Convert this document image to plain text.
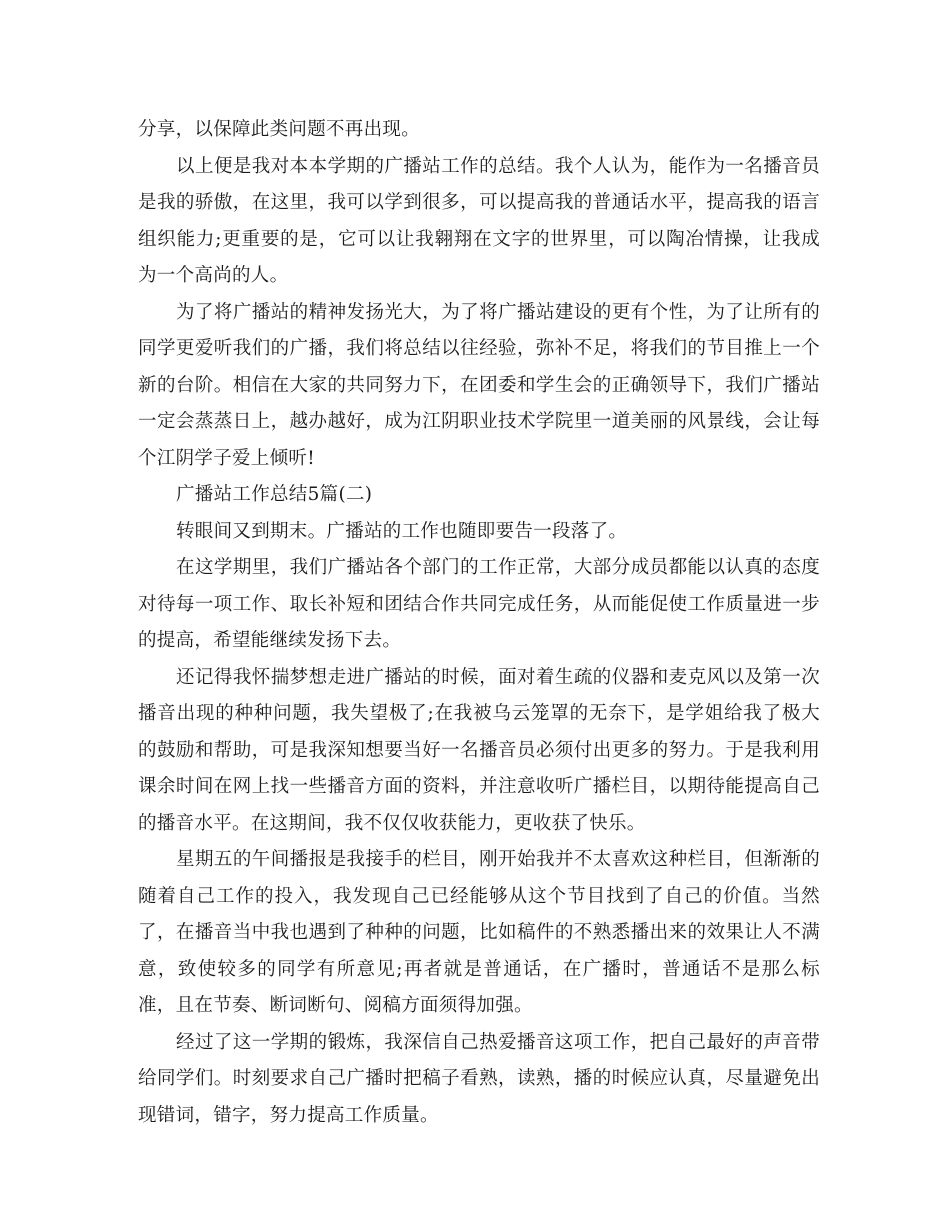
分享，以保障此类问题不再出现。

以上便是我对本本学期的广播站工作的总结。我个人认为，能作为一名播音员是我的骄傲，在这里，我可以学到很多，可以提高我的普通话水平，提高我的语言组织能力;更重要的是，它可以让我翱翔在文字的世界里，可以陶冶情操，让我成为一个高尚的人。

为了将广播站的精神发扬光大，为了将广播站建设的更有个性，为了让所有的同学更爱听我们的广播，我们将总结以往经验，弥补不足，将我们的节目推上一个新的台阶。相信在大家的共同努力下，在团委和学生会的正确领导下，我们广播站一定会蒸蒸日上，越办越好，成为江阴职业技术学院里一道美丽的风景线，会让每个江阴学子爱上倾听!

广播站工作总结5篇(二)

转眼间又到期末。广播站的工作也随即要告一段落了。

在这学期里，我们广播站各个部门的工作正常，大部分成员都能以认真的态度对待每一项工作、取长补短和团结合作共同完成任务，从而能促使工作质量进一步的提高，希望能继续发扬下去。

还记得我怀揣梦想走进广播站的时候，面对着生疏的仪器和麦克风以及第一次播音出现的种种问题，我失望极了;在我被乌云笼罩的无奈下，是学姐给我了极大的鼓励和帮助，可是我深知想要当好一名播音员必须付出更多的努力。于是我利用课余时间在网上找一些播音方面的资料，并注意收听广播栏目，以期待能提高自己的播音水平。在这期间，我不仅仅收获能力，更收获了快乐。

星期五的午间播报是我接手的栏目，刚开始我并不太喜欢这种栏目，但渐渐的随着自己工作的投入，我发现自己已经能够从这个节目找到了自己的价值。当然了，在播音当中我也遇到了种种的问题，比如稿件的不熟悉播出来的效果让人不满意，致使较多的同学有所意见;再者就是普通话，在广播时，普通话不是那么标准，且在节奏、断词断句、阅稿方面须得加强。

经过了这一学期的锻炼，我深信自己热爱播音这项工作，把自己最好的声音带给同学们。时刻要求自己广播时把稿子看熟，读熟，播的时候应认真，尽量避免出现错词，错字，努力提高工作质量。
